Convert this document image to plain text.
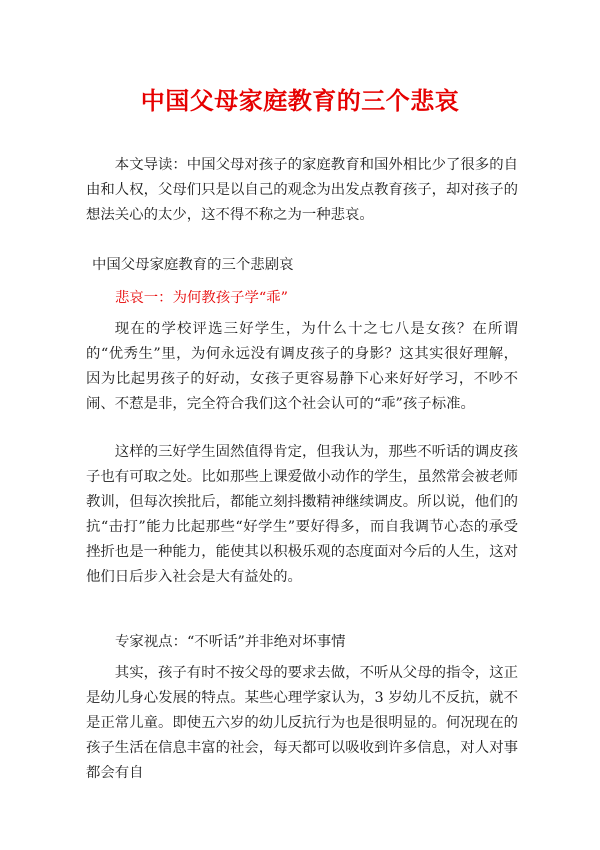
中国父母家庭教育的三个悲哀

本文导读：中国父母对孩子的家庭教育和国外相比少了很多的自由和人权，父母们只是以自己的观念为出发点教育孩子，却对孩子的想法关心的太少，这不得不称之为一种悲哀。

中国父母家庭教育的三个悲剧哀
悲哀一：为何教孩子学“乖”

现在的学校评选三好学生，为什么十之七八是女孩？在所谓的“优秀生”里，为何永远没有调皮孩子的身影？这其实很好理解，因为比起男孩子的好动，女孩子更容易静下心来好好学习，不吵不闹、不惹是非，完全符合我们这个社会认可的“乖”孩子标准。

这样的三好学生固然值得肯定，但我认为，那些不听话的调皮孩子也有可取之处。比如那些上课爱做小动作的学生，虽然常会被老师教训，但每次挨批后，都能立刻抖擞精神继续调皮。所以说，他们的抗“击打”能力比起那些“好学生”要好得多，而自我调节心态的承受挫折也是一种能力，能使其以积极乐观的态度面对今后的人生，这对他们日后步入社会是大有益处的。

专家视点：“不听话”并非绝对坏事情

其实，孩子有时不按父母的要求去做，不听从父母的指令，这正是幼儿身心发展的特点。某些心理学家认为，3 岁幼儿不反抗，就不是正常儿童。即使五六岁的幼儿反抗行为也是很明显的。何况现在的孩子生活在信息丰富的社会，每天都可以吸收到许多信息，对人对事都会有自
